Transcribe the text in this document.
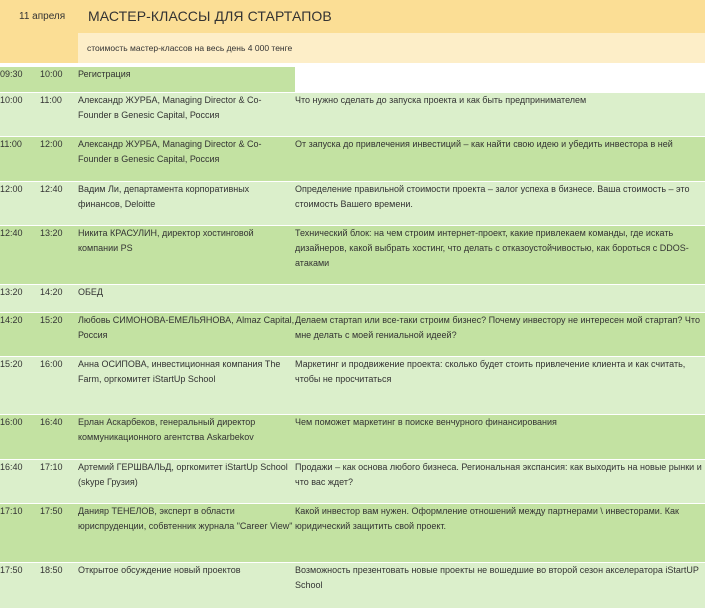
11 апреля		МАСТЕР-КЛАССЫ ДЛЯ СТАРТАПОВ	
		стоимость мастер-классов на весь день 4 000 тенге	

09:30	10:00	Регистрация	
10:00	11:00	Александр ЖУРБА, Managing Director & Co-Founder в Genesic Capital, Россия	Что нужно сделать до запуска проекта и как быть предпринимателем
11:00	12:00	Александр ЖУРБА, Managing Director & Co-Founder в Genesic Capital, Россия	От запуска до привлечения инвестиций – как найти свою идею и убедить инвестора в ней
12:00	12:40	Вадим Ли, департамента корпоративных финансов, Deloitte	Определение правильной стоимости проекта – залог успеха в бизнесе. Ваша стоимость – это стоимость Вашего времени.
12:40	13:20	Никита КРАСУЛИН, директор хостинговой компании PS	Технический блок: на чем строим интернет-проект, какие привлекаем команды, где искать дизайнеров, какой выбрать хостинг, что делать с отказоустойчивостью, как бороться с DDOS-атаками
13:20	14:20	ОБЕД	
14:20	15:20	Любовь СИМОНОВА-ЕМЕЛЬЯНОВА, Almaz Capital, Россия	Делаем стартап или все-таки строим бизнес? Почему инвестору не интересен мой стартап? Что мне делать с моей гениальной идеей?
15:20	16:00	Анна ОСИПОВА, инвестиционная компания The Farm, оргкомитет iStartUp School	Маркетинг и продвижение проекта: сколько будет стоить привлечение клиента и как считать, чтобы не просчитаться
16:00	16:40	Ерлан Аскарбеков, генеральный директор коммуникационного агентства Askarbekov	Чем поможет маркетинг в поиске венчурного финансирования
16:40	17:10	Артемий ГЕРШВАЛЬД, оргкомитет iStartUp School (skype Грузия)	Продажи – как основа любого бизнеса. Региональная экспансия: как выходить на новые рынки и что вас ждет?
17:10	17:50	Данияр ТЕНЕЛОВ, эксперт в области юриспруденции, собвтенник журнала "Career View"	Какой инвестор вам нужен. Оформление отношений между партнерами \ инвесторами. Как юридический защитить свой проект.
17:50	18:50	Открытое обсуждение новый проектов	Возможность презентовать новые проекты не вошедшие во второй сезон акселератора iStartUP School
